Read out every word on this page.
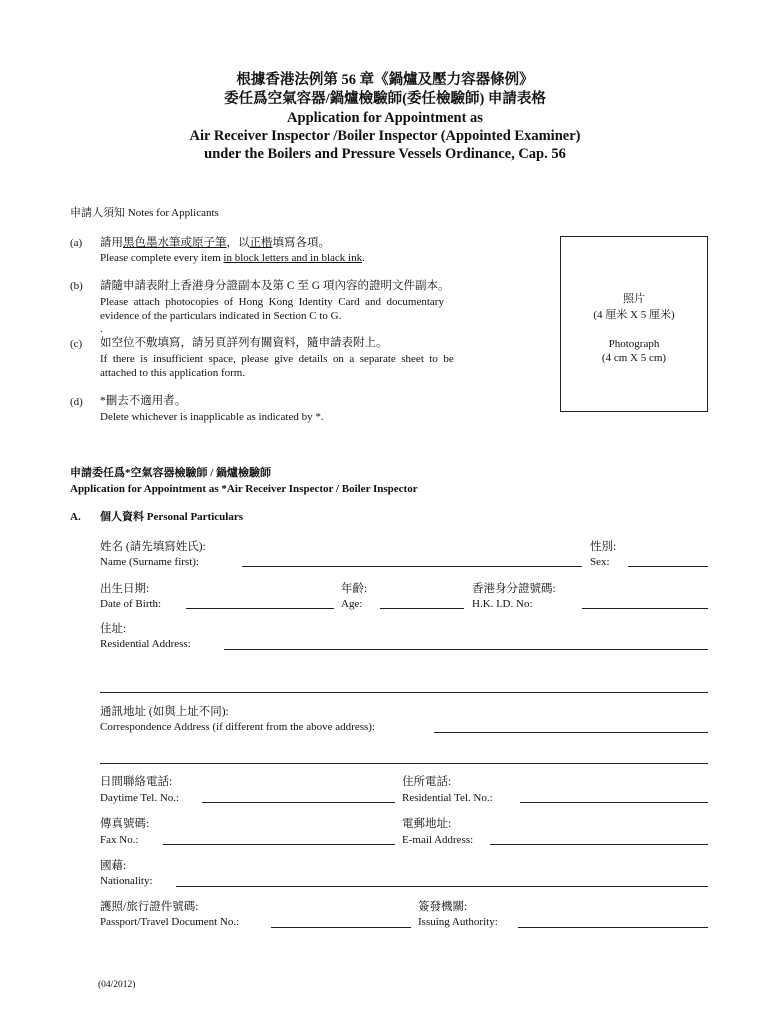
根據香港法例第 56 章《鍋爐及壓力容器條例》
委任爲空氣容器/鍋爐檢驗師(委任檢驗師) 申請表格
Application for Appointment as
Air Receiver Inspector /Boiler Inspector (Appointed Examiner)
under the Boilers and Pressure Vessels Ordinance, Cap. 56
申請人須知 Notes for Applicants
(a) 請用黑色墨水筆或原子筆，以正楷填寫各項。
Please complete every item in block letters and in black ink.
(b) 請隨申請表附上香港身分證副本及第 C 至 G 項內容的證明文件副本。
Please  attach  photocopies  of  Hong  Kong  Identity  Card  and  documentary
evidence of the particulars indicated in Section C to G.
.
(c) 如空位不敷填寫，請另頁詳列有關資料，隨申請表附上。
If  there  is  insufficient  space,  please  give  details  on  a  separate  sheet  to  be
attached to this application form.
(d) *刪去不適用者。
Delete whichever is inapplicable as indicated by *.
照片
(4 厘米 X 5 厘米)
Photograph
(4 cm X 5 cm)
申請委任爲*空氣容器檢驗師 / 鍋爐檢驗師
Application for Appointment as *Air Receiver Inspector / Boiler Inspector
A. 個人資料 Personal Particulars
姓名 (請先填寫姓氏):
Name (Surname first):
性別:
Sex:
出生日期:
Date of Birth:
年齡:
Age:
香港身分證號碼:
H.K. I.D. No:
住址:
Residential Address:
通訊地址 (如與上址不同):
Correspondence Address (if different from the above address):
日間聯絡電話:
Daytime Tel. No.:
住所電話:
Residential Tel. No.:
傳真號碼:
Fax No.:
電郵地址:
E-mail Address:
國藉:
Nationality:
護照/旅行證件號碼:
Passport/Travel Document No.:
簽發機關:
Issuing Authority:
(04/2012)
